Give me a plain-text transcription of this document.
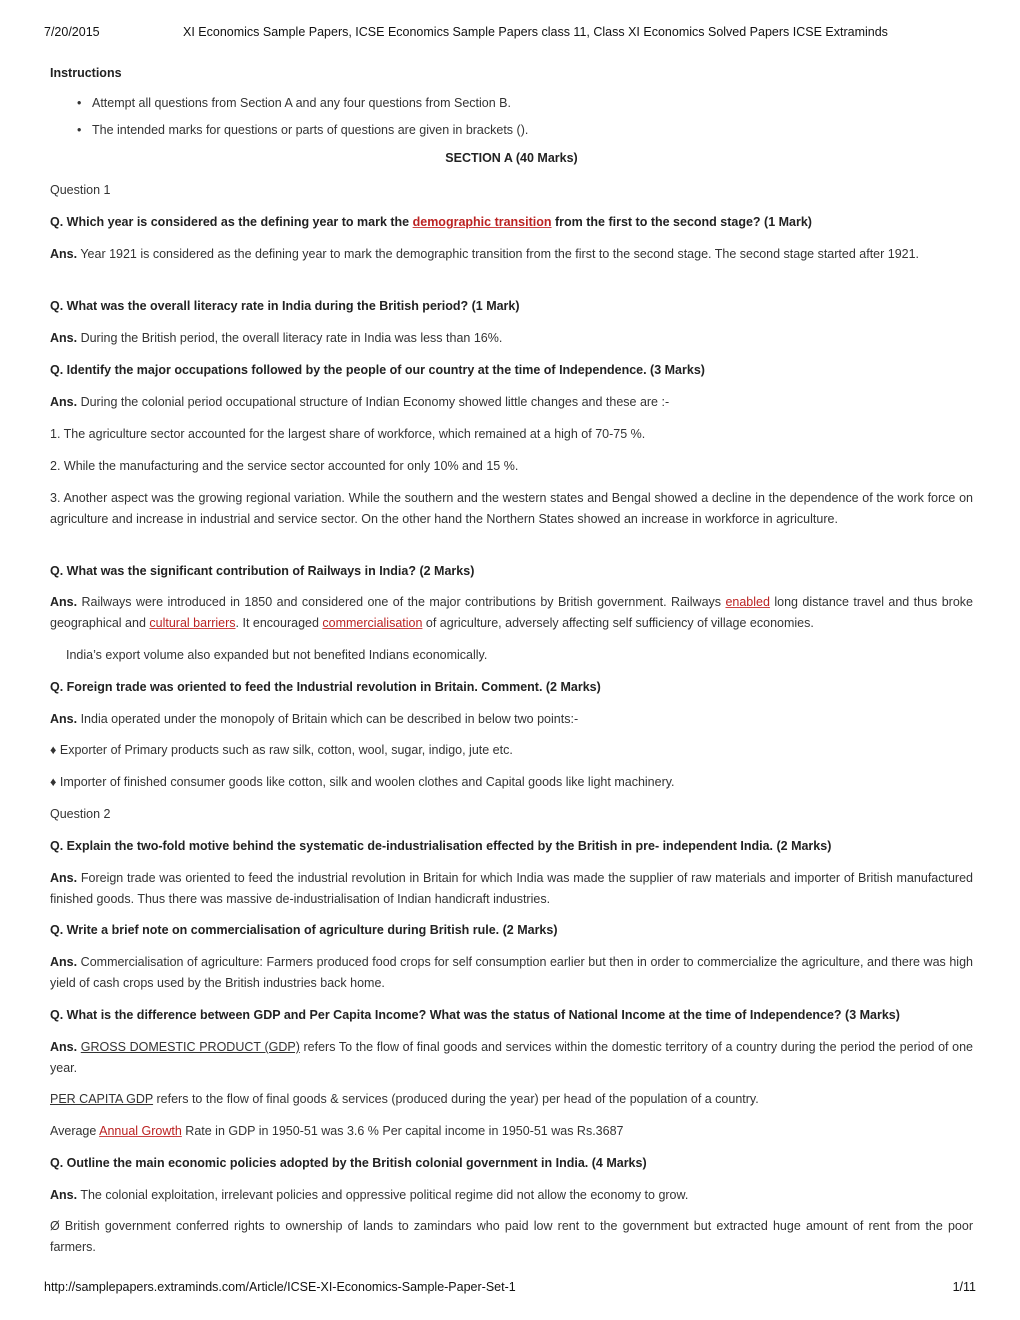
7/20/2015	XI Economics Sample Papers, ICSE Economics Sample Papers class 11, Class XI Economics Solved Papers ICSE Extraminds
Instructions
• Attempt all questions from Section A and any four questions from Section B.
• The intended marks for questions or parts of questions are given in brackets ().
SECTION A (40 Marks)
Question 1
Q. Which year is considered as the defining year to mark the demographic transition from the first to the second stage? (1 Mark)
Ans. Year 1921 is considered as the defining year to mark the demographic transition from the first to the second stage. The second stage started after 1921.
Q. What was the overall literacy rate in India during the British period? (1 Mark)
Ans. During the British period, the overall literacy rate in India was less than 16%.
Q. Identify the major occupations followed by the people of our country at the time of Independence. (3 Marks)
Ans. During the colonial period occupational structure of Indian Economy showed little changes and these are :-
1. The agriculture sector accounted for the largest share of workforce, which remained at a high of 70-75 %.
2. While the manufacturing and the service sector accounted for only 10% and 15 %.
3. Another aspect was the growing regional variation. While the southern and the western states and Bengal showed a decline in the dependence of the work force on agriculture and increase in industrial and service sector. On the other hand the Northern States showed an increase in workforce in agriculture.
Q. What was the significant contribution of Railways in India? (2 Marks)
Ans. Railways were introduced in 1850 and considered one of the major contributions by British government. Railways enabled long distance travel and thus broke geographical and cultural barriers. It encouraged commercialisation of agriculture, adversely affecting self sufficiency of village economies.
India’s export volume also expanded but not benefited Indians economically.
Q. Foreign trade was oriented to feed the Industrial revolution in Britain. Comment. (2 Marks)
Ans. India operated under the monopoly of Britain which can be described in below two points:-
♦ Exporter of Primary products such as raw silk, cotton, wool, sugar, indigo, jute etc.
♦ Importer of finished consumer goods like cotton, silk and woolen clothes and Capital goods like light machinery.
Question 2
Q. Explain the two-fold motive behind the systematic de-industrialisation effected by the British in pre- independent India. (2 Marks)
Ans. Foreign trade was oriented to feed the industrial revolution in Britain for which India was made the supplier of raw materials and importer of British manufactured finished goods. Thus there was massive de-industrialisation of Indian handicraft industries.
Q. Write a brief note on commercialisation of agriculture during British rule. (2 Marks)
Ans. Commercialisation of agriculture: Farmers produced food crops for self consumption earlier but then in order to commercialize the agriculture, and there was high yield of cash crops used by the British industries back home.
Q. What is the difference between GDP and Per Capita Income? What was the status of National Income at the time of Independence? (3 Marks)
Ans. GROSS DOMESTIC PRODUCT (GDP) refers To the flow of final goods and services within the domestic territory of a country during the period the period of one year.
PER CAPITA GDP refers to the flow of final goods & services (produced during the year) per head of the population of a country.
Average Annual Growth Rate in GDP in 1950-51 was 3.6 % Per capital income in 1950-51 was Rs.3687
Q. Outline the main economic policies adopted by the British colonial government in India. (4 Marks)
Ans. The colonial exploitation, irrelevant policies and oppressive political regime did not allow the economy to grow.
Ø British government conferred rights to ownership of lands to zamindars who paid low rent to the government but extracted huge amount of rent from the poor farmers.
http://samplepapers.extraminds.com/Article/ICSE-XI-Economics-Sample-Paper-Set-1	1/11
